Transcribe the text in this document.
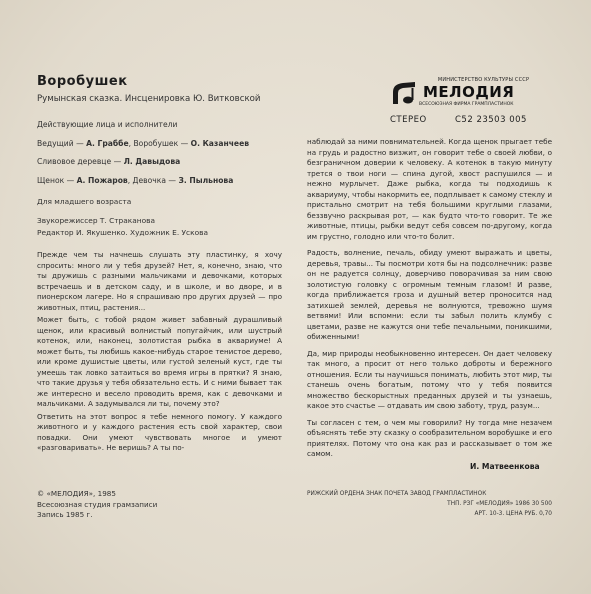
Воробушек
Румынская сказка. Инсценировка Ю. Витковской
Действующие лица и исполнители
Ведущий — А. Граббе, Воробушек — О. Казанчеев
Сливовое деревце — Л. Давыдова
Щенок — А. Пожаров, Девочка — З. Пыльнова
Для младшего возраста
Звукорежиссер Т. Страканова
Редактор И. Якушенко. Художник Е. Ускова
МИНИСТЕРСТВО КУЛЬТУРЫ СССР
МЕЛОДИЯ
ВСЕСОЮЗНАЯ ФИРМА ГРАМПЛАСТИНОК
СТЕРЕО	С52 23503 005

Прежде чем ты начнешь слушать эту пластинку, я хочу спросить: много ли у тебя друзей? Нет, я, конечно, знаю, что ты дружишь с разными мальчиками и девочками, которых встречаешь и в детском саду, и в школе, и во дворе, и в пионерском лагере. Но я спрашиваю про других друзей — про животных, птиц, растения...

Может быть, с тобой рядом живет забавный дурашливый щенок, или красивый волнистый попугайчик, или шустрый котенок, или, наконец, золотистая рыбка в аквариуме! А может быть, ты любишь какое-нибудь старое тенистое дерево, или кроме душистые цветы, или густой зеленый куст, где ты умеешь так ловко затаиться во время игры в прятки? Я знаю, что такие друзья у тебя обязательно есть. И с ними бывает так же интересно и весело проводить время, как с девочками и мальчиками. А задумывался ли ты, почему это?

Ответить на этот вопрос я тебе немного помогу. У каждого животного и у каждого растения есть свой характер, свои повадки. Они умеют чувствовать многое и умеют «разговаривать». Не веришь? А ты по-

наблюдай за ними повнимательней. Когда щенок прыгает тебе на грудь и радостно визжит, он говорит тебе о своей любви, о безграничном доверии к человеку. А котенок в такую минуту трется о твои ноги — спина дугой, хвост распушился — и нежно мурлычет. Даже рыбка, когда ты подходишь к аквариуму, чтобы накормить ее, подплывает к самому стеклу и пристально смотрит на тебя большими круглыми глазами, беззвучно раскрывая рот, — как будто что-то говорит. Те же животные, птицы, рыбки ведут себя совсем по-другому, когда им грустно, голодно или что-то болит.

Радость, волнение, печаль, обиду умеют выражать и цветы, деревья, травы... Ты посмотри хотя бы на подсолнечник: разве он не радуется солнцу, доверчиво поворачивая за ним свою золотистую головку с огромным темным глазом! И разве, когда приближается гроза и душный ветер проносится над затихшей землей, деревья не волнуются, тревожно шумя ветвями! Или вспомни: если ты забыл полить клумбу с цветами, разве не кажутся они тебе печальными, поникшими, обиженными!

Да, мир природы необыкновенно интересен. Он дает человеку так много, а просит от него только доброты и бережного отношения. Если ты научишься понимать, любить этот мир, ты станешь очень богатым, потому что у тебя появится множество бескорыстных преданных друзей и ты узнаешь, какое это счастье — отдавать им свою заботу, труд, разум...

Ты согласен с тем, о чем мы говорили? Ну тогда мне незачем объяснять тебе эту сказку о сообразительном воробушке и его приятелях. Потому что она как раз и рассказывает о том же самом.

И. Матвеенкова
© «МЕЛОДИЯ», 1985
Всесоюзная студия грамзаписи
Запись 1985 г.
РИЖСКИЙ ОРДЕНА ЗНАК ПОЧЕТА ЗАВОД ГРАМПЛАСТИНОК
ТНП. РЗГ «МЕЛОДИЯ» 1986 30 500
АРТ. 10-3. ЦЕНА РУБ. 0,70
